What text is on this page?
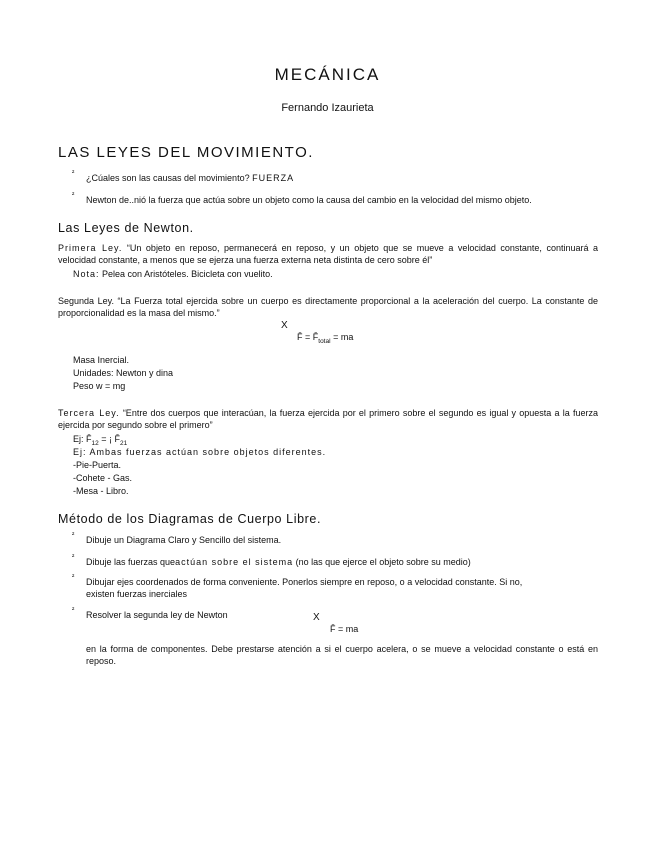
MECÁNICA
Fernando Izaurieta
LAS LEYES DEL MOVIMIENTO.
² ¿Cúales son las causas del movimiento? FUERZA
² Newton de..nió la fuerza que actúa sobre un objeto como la causa del cambio en la velocidad del mismo objeto.
Las Leyes de Newton.
Primera Ley. “Un objeto en reposo, permanecerá en reposo, y un objeto que se mueve a velocidad constante, continuará a velocidad constante, a menos que se ejerza una fuerza externa neta distinta de cero sobre él”
Nota: Pelea con Aristóteles. Bicicleta con vuelito.
Segunda Ley. “La Fuerza total ejercida sobre un cuerpo es directamente proporcional a la aceleración del cuerpo. La constante de proporcionalidad es la masa del mismo.”
X
F̄ = $F̄_{total}$ = ma
Masa Inercial.
Unidades: Newton y dina
Peso w = mg
Tercera Ley. “Entre dos cuerpos que interacúan, la fuerza ejercida por el primero sobre el segundo es igual y opuesta a la fuerza ejercida por segundo sobre el primero”
Ej: $F̄_{12}$ = ¡ $F̄_{21}$
Ej: Ambas fuerzas actúan sobre objetos diferentes.
-Pie-Puerta.
-Cohete - Gas.
-Mesa - Libro.
Método de los Diagramas de Cuerpo Libre.
² Dibuje un Diagrama Claro y Sencillo del sistema.
² Dibuje las fuerzas queactúan sobre el sistema (no las que ejerce el objeto sobre su medio)
² Dibujar ejes coordenados de forma conveniente. Ponerlos siempre en reposo, o a velocidad constante. Si no,
existen fuerzas inerciales
² Resolver la segunda ley de Newton	X
F̄ = ma
en la forma de componentes. Debe prestarse atención a si el cuerpo acelera, o se mueve a velocidad constante o está en reposo.
